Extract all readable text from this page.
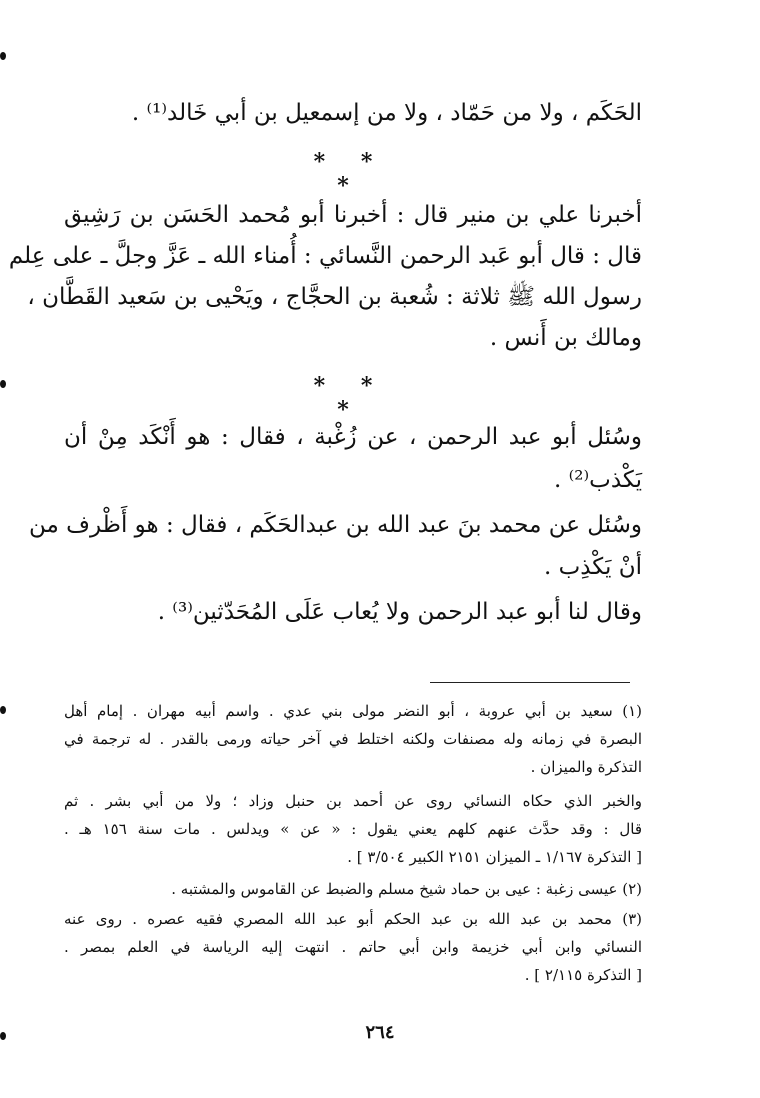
الحَكَم ، ولا من حَمّاد ، ولا من إسمعيل بن أبي خَالد⁽¹⁾ .
* * *
أخبرنا علي بن منير قال : أخبرنا أبو مُحمد الحَسَن بن رَشِيق
قال : قال أبو عَبد الرحمن النَّسائي : أُمناء الله ـ عَزَّ وجلَّ ـ على عِلم
رسول الله ﷺ ثلاثة : شُعبة بن الحجَّاج ، ويَحْيى بن سَعيد القَطَّان ،
ومالك بن أَنس .
* * *
وسُئل أبو عبد الرحمن ، عن زُغْبة ، فقال : هو أَنْكَد مِنْ أن
يَكْذب⁽²⁾ .
وسُئل عن محمد بنَ عبد الله بن عبدالحَكَم ، فقال : هو أَظْرف من
أنْ يَكْذِب .
وقال لنا أبو عبد الرحمن ولا يُعاب عَلَى المُحَدّثين⁽³⁾ .
(١) سعيد بن أبي عروبة ، أبو النضر مولى بني عدي . واسم أبيه مهران . إمام أهل
البصرة في زمانه وله مصنفات ولكنه اختلط في آخر حياته ورمى بالقدر . له ترجمة في
التذكرة والميزان .
والخبر الذي حكاه النسائي روى عن أحمد بن حنبل وزاد ؛ ولا من أبي بشر . ثم
قال : وقد حدَّث عنهم كلهم يعني يقول : « عن » ويدلس . مات سنة ١٥٦ هـ .
[ التذكرة ١/١٦٧ ـ الميزان ٢١٥١ الكبير ٣/٥٠٤ ] .
(٢) عيسى زغبة : عيى بن حماد شيخ مسلم والضبط عن القاموس والمشتبه .
(٣) محمد بن عبد الله بن عبد الحكم أبو عبد الله المصري فقيه عصره . روى عنه
النسائي وابن أبي خزيمة وابن أبي حاتم . انتهت إليه الرياسة في العلم بمصر .
[ التذكرة ٢/١١٥ ] .
٢٦٤
